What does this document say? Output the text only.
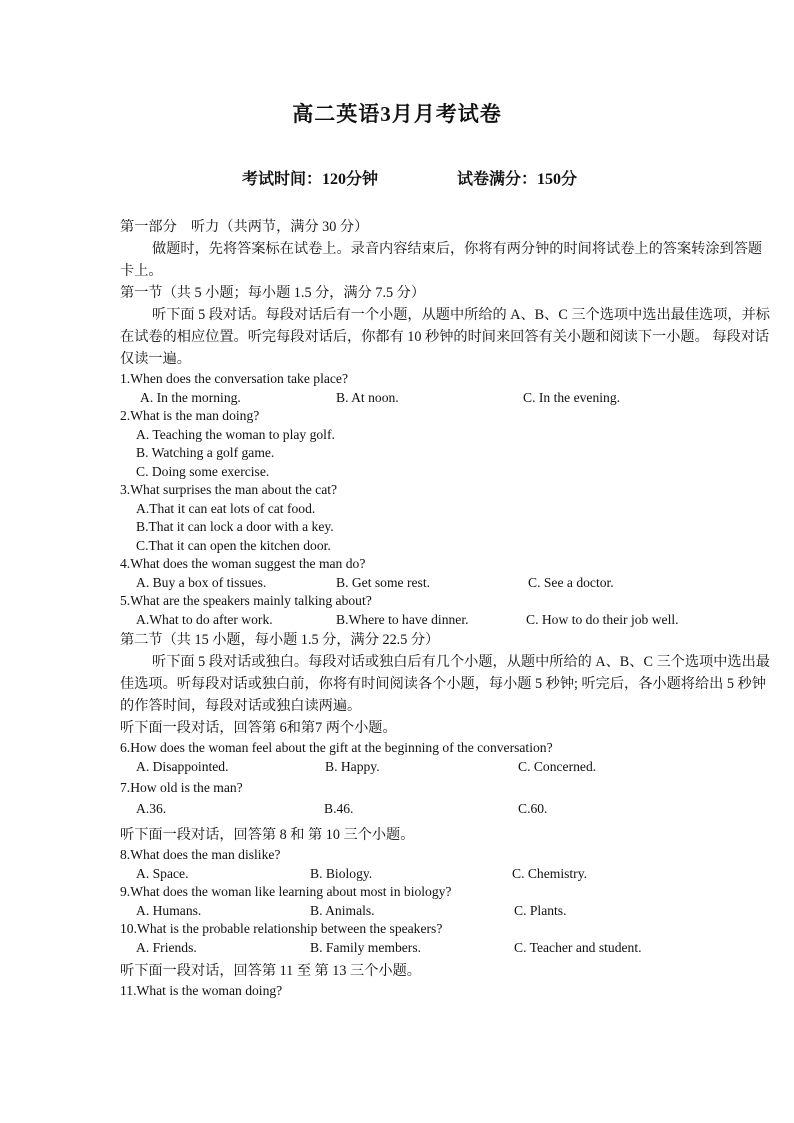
高二英语3月月考试卷
考试时间：120分钟	试卷满分：150分
第一部分　听力（共两节，满分 30 分）
做题时，先将答案标在试卷上。录音内容结束后，你将有两分钟的时间将试卷上的答案转涂到答题卡上。
第一节（共 5 小题；每小题 1.5 分，满分 7.5 分）
听下面 5 段对话。每段对话后有一个小题，从题中所给的 A、B、C 三个选项中选出最佳选项，并标在试卷的相应位置。听完每段对话后，你都有 10 秒钟的时间来回答有关小题和阅读下一小题。 每段对话仅读一遍。
1.When does the conversation take place?
A. In the morning.	B. At noon.	C. In the evening.
2.What is the man doing?
A. Teaching the woman to play golf.
B. Watching a golf game.
C. Doing some exercise.
3.What surprises the man about the cat?
A.That it can eat lots of cat food.
B.That it can lock a door with a key.
C.That it can open the kitchen door.
4.What does the woman suggest the man do?
A. Buy a box of tissues.	B. Get some rest.	C. See a doctor.
5.What are the speakers mainly talking about?
A.What to do after work.	B.Where to have dinner.	C. How to do their job well.
第二节（共 15 小题，每小题 1.5 分，满分 22.5 分）
听下面 5 段对话或独白。每段对话或独白后有几个小题，从题中所给的 A、B、C 三个选项中选出最佳选项。听每段对话或独白前，你将有时间阅读各个小题，每小题 5 秒钟; 听完后，各小题将给出 5 秒钟的作答时间，每段对话或独白读两遍。
听下面一段对话，回答第 6和第7 两个小题。
6.How does the woman feel about the gift at the beginning of the conversation?
A. Disappointed.	B. Happy.	C. Concerned.
7.How old is the man?
A.36.	B.46.	C.60.
听下面一段对话，回答第 8 和 第 10 三个小题。
8.What does the man dislike?
A. Space.	B. Biology.	C. Chemistry.
9.What does the woman like learning about most in biology?
A. Humans.	B. Animals.	C. Plants.
10.What is the probable relationship between the speakers?
A. Friends.	B. Family members.	C. Teacher and student.
听下面一段对话，回答第 11 至 第 13 三个小题。
11.What is the woman doing?
